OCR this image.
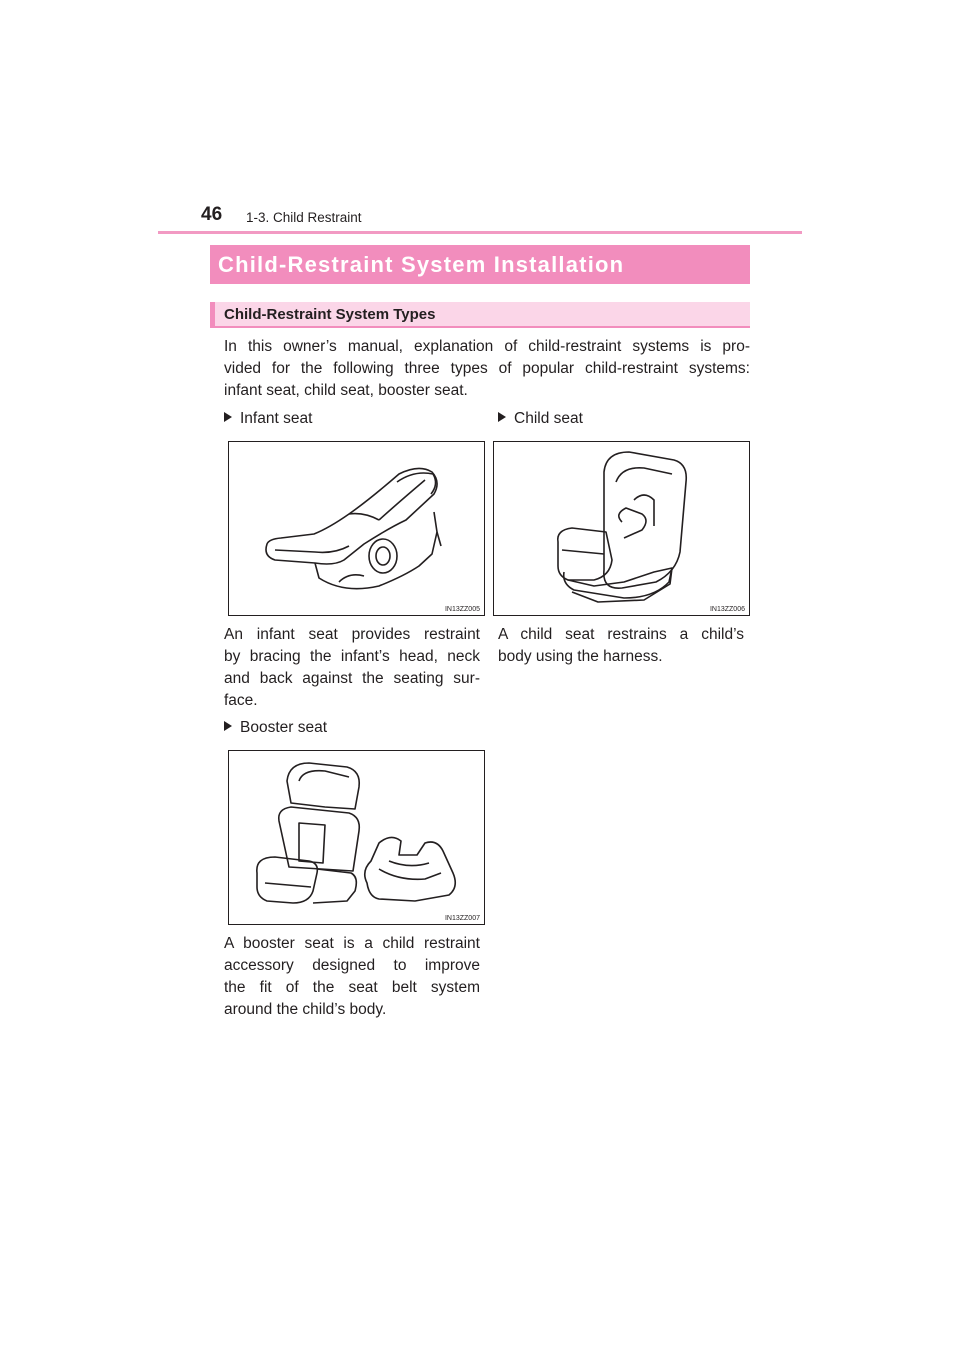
46 1-3. Child Restraint
Child-Restraint System Installation
Child-Restraint System Types
In this owner’s manual, explanation of child-restraint systems is pro-
vided for the following three types of popular child-restraint systems:
infant seat, child seat, booster seat.
Infant seat
IN13ZZ005
An infant seat provides restraint
by bracing the infant’s head, neck
and back against the seating sur-
face.
Child seat
IN13ZZ006
A child seat restrains a child’s
body using the harness.
Booster seat
IN13ZZ007
A booster seat is a child restraint
accessory designed to improve
the fit of the seat belt system
around the child’s body.
